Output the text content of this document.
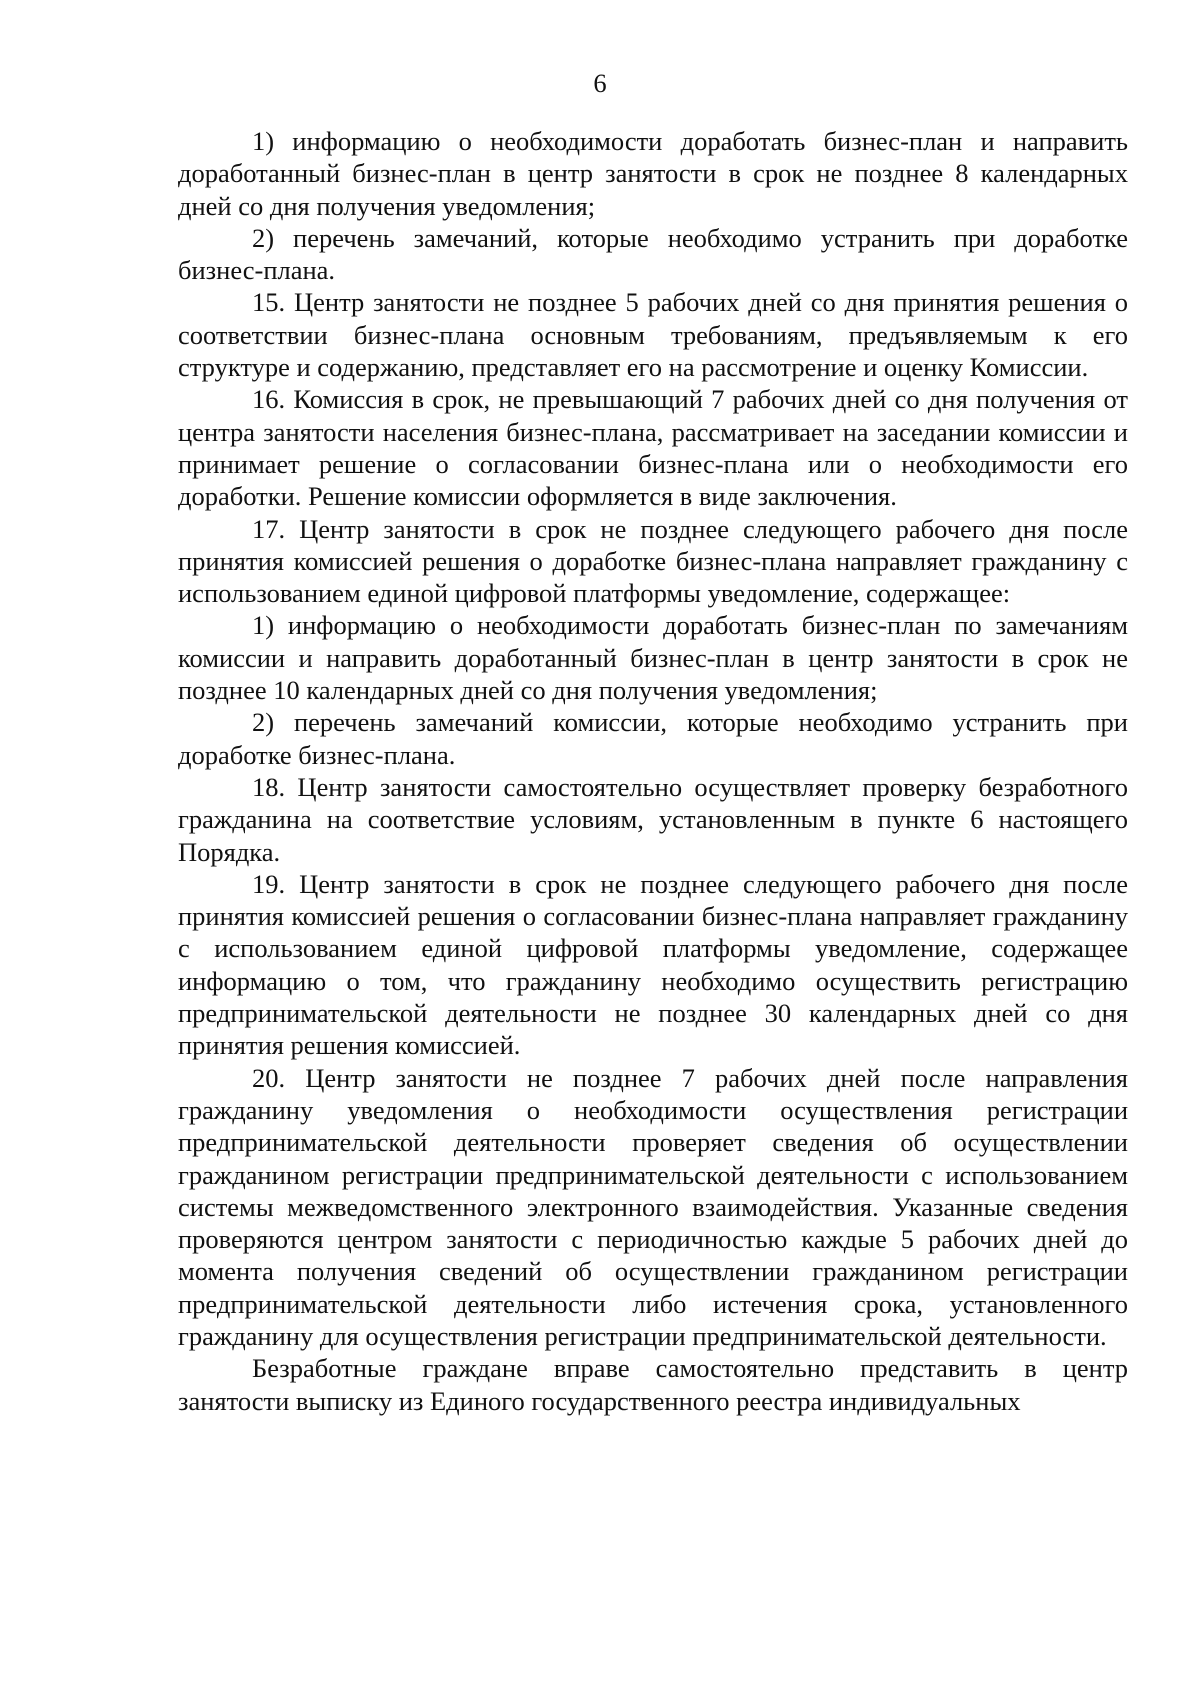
6

1) информацию о необходимости доработать бизнес-план и направить доработанный бизнес-план в центр занятости в срок не позднее 8 календарных дней со дня получения уведомления;

2) перечень замечаний, которые необходимо устранить при доработке бизнес-плана.

15. Центр занятости не позднее 5 рабочих дней со дня принятия решения о соответствии бизнес-плана основным требованиям, предъявляемым к его структуре и содержанию, представляет его на рассмотрение и оценку Комиссии.

16. Комиссия в срок, не превышающий 7 рабочих дней со дня получения от центра занятости населения бизнес-плана, рассматривает на заседании комиссии и принимает решение о согласовании бизнес-плана или о необходимости его доработки. Решение комиссии оформляется в виде заключения.

17. Центр занятости в срок не позднее следующего рабочего дня после принятия комиссией решения о доработке бизнес-плана направляет гражданину с использованием единой цифровой платформы уведомление, содержащее:

1) информацию о необходимости доработать бизнес-план по замечаниям комиссии и направить доработанный бизнес-план в центр занятости в срок не позднее 10 календарных дней со дня получения уведомления;

2) перечень замечаний комиссии, которые необходимо устранить при доработке бизнес-плана.

18. Центр занятости самостоятельно осуществляет проверку безработного гражданина на соответствие условиям, установленным в пункте 6 настоящего Порядка.

19. Центр занятости в срок не позднее следующего рабочего дня после принятия комиссией решения о согласовании бизнес-плана направляет гражданину с использованием единой цифровой платформы уведомление, содержащее информацию о том, что гражданину необходимо осуществить регистрацию предпринимательской деятельности не позднее 30 календарных дней со дня принятия решения комиссией.

20. Центр занятости не позднее 7 рабочих дней после направления гражданину уведомления о необходимости осуществления регистрации предпринимательской деятельности проверяет сведения об осуществлении гражданином регистрации предпринимательской деятельности с использованием системы межведомственного электронного взаимодействия. Указанные сведения проверяются центром занятости с периодичностью каждые 5 рабочих дней до момента получения сведений об осуществлении гражданином регистрации предпринимательской деятельности либо истечения срока, установленного гражданину для осуществления регистрации предпринимательской деятельности.

Безработные граждане вправе самостоятельно представить в центр занятости выписку из Единого государственного реестра индивидуальных
